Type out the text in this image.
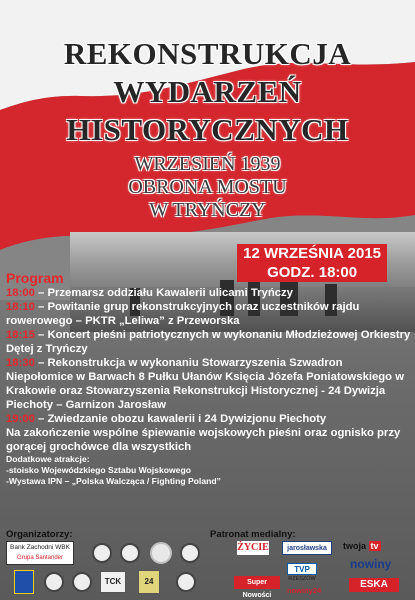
REKONSTRUKCJA
WYDARZEŃ
HISTORYCZNYCH
WRZESIEŃ 1939
OBRONA MOSTU
W TRYŃCZY
12 WRZEŚNIA 2015
GODZ. 18:00
Program
18:00 – Przemarsz oddziału Kawalerii ulicami Tryńczy
18:10 – Powitanie grup rekonstrukcyjnych oraz uczestników rajdu rowerowego – PKTR „Leliwa” z Przeworska
18:15 – Koncert pieśni patriotycznych w wykonaniu Młodzieżowej Orkiestry Dętej z Tryńczy
18:30 – Rekonstrukcja w wykonaniu Stowarzyszenia Szwadron Niepołomice w Barwach 8 Pułku Ułanów Księcia Józefa Poniatowskiego w Krakowie oraz Stowarzyszenia Rekonstrukcji Historycznej - 24 Dywizja Piechoty – Garnizon Jarosław
19:00 – Zwiedzanie obozu kawalerii i 24 Dywizjonu Piechoty
Na zakończenie wspólne śpiewanie wojskowych pieśni oraz ognisko przy gorącej grochówce dla wszystkich
Dodatkowe atrakcje:
-stoisko Wojewódzkiego Sztabu Wojskowego
-Wystawa IPN – „Polska Walcząca / Fighting Poland”
Organizatorzy:	Patronat medialny:
Bank Zachodni WBK
Grupa Santander
TCK	24
ŻYCIE	jarosławska	twoja tv
Super Nowości
TVP
RZESZÓW
nowiny24
nowiny
ESKA
